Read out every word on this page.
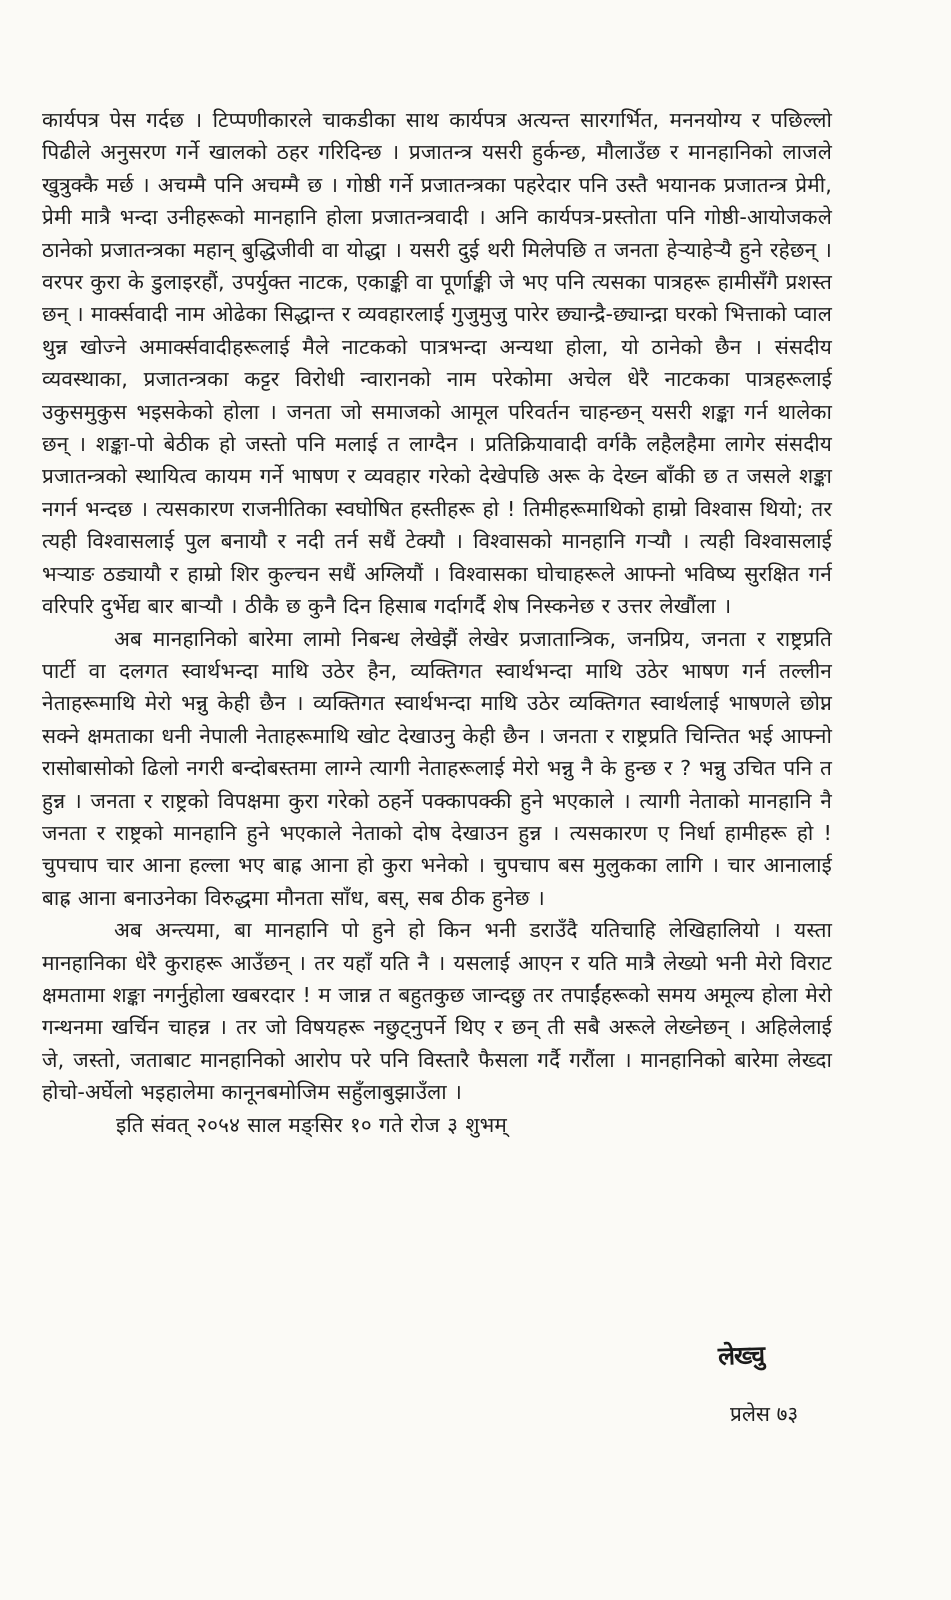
कार्यपत्र पेस गर्दछ । टिप्पणीकारले चाकडीका साथ कार्यपत्र अत्यन्त सारगर्भित, मननयोग्य र पछिल्लो पिढीले अनुसरण गर्ने खालको ठहर गरिदिन्छ । प्रजातन्त्र यसरी हुर्कन्छ, मौलाउँछ र मानहानिको लाजले खुत्रुक्कै मर्छ । अचम्मै पनि अचम्मै छ । गोष्ठी गर्ने प्रजातन्त्रका पहरेदार पनि उस्तै भयानक प्रजातन्त्र प्रेमी, प्रेमी मात्रै भन्दा उनीहरूको मानहानि होला प्रजातन्त्रवादी । अनि कार्यपत्र-प्रस्तोता पनि गोष्ठी-आयोजकले ठानेको प्रजातन्त्रका महान् बुद्धिजीवी वा योद्धा । यसरी दुई थरी मिलेपछि त जनता हेर्‍याहेर्‍यै हुने रहेछन् । वरपर कुरा के डुलाइरहौं, उपर्युक्त नाटक, एकाङ्की वा पूर्णाङ्की जे भए पनि त्यसका पात्रहरू हामीसँगै प्रशस्त छन् । मार्क्सवादी नाम ओढेका सिद्धान्त र व्यवहारलाई गुजुमुजु पारेर छ्यान्द्रै-छ्यान्द्रा घरको भित्ताको प्वाल थुन्न खोज्ने अमार्क्सवादीहरूलाई मैले नाटकको पात्रभन्दा अन्यथा होला, यो ठानेको छैन । संसदीय व्यवस्थाका, प्रजातन्त्रका कट्टर विरोधी न्वारानको नाम परेकोमा अचेल धेरै नाटकका पात्रहरूलाई उकुसमुकुस भइसकेको होला । जनता जो समाजको आमूल परिवर्तन चाहन्छन् यसरी शङ्का गर्न थालेका छन् । शङ्का-पो बेठीक हो जस्तो पनि मलाई त लाग्दैन । प्रतिक्रियावादी वर्गकै लहैलहैमा लागेर संसदीय प्रजातन्त्रको स्थायित्व कायम गर्ने भाषण र व्यवहार गरेको देखेपछि अरू के देख्न बाँकी छ त जसले शङ्का नगर्न भन्दछ । त्यसकारण राजनीतिका स्वघोषित हस्तीहरू हो ! तिमीहरूमाथिको हाम्रो विश्वास थियो; तर त्यही विश्वासलाई पुल बनायौ र नदी तर्न सधैं टेक्यौ । विश्वासको मानहानि गर्‍यौ । त्यही विश्वासलाई भऱ्याङ ठड्यायौ र हाम्रो शिर कुल्चन सधैं अग्लियौं । विश्वासका घोचाहरूले आफ्नो भविष्य सुरक्षित गर्न वरिपरि दुर्भेद्य बार बार्‍यौ । ठीकै छ कुनै दिन हिसाब गर्दागर्दै शेष निस्कनेछ र उत्तर लेखौंला ।

अब मानहानिको बारेमा लामो निबन्ध लेखेझैं लेखेर प्रजातान्त्रिक, जनप्रिय, जनता र राष्ट्रप्रति पार्टी वा दलगत स्वार्थभन्दा माथि उठेर हैन, व्यक्तिगत स्वार्थभन्दा माथि उठेर भाषण गर्न तल्लीन नेताहरूमाथि मेरो भन्नु केही छैन । व्यक्तिगत स्वार्थभन्दा माथि उठेर व्यक्तिगत स्वार्थलाई भाषणले छोप्न सक्ने क्षमताका धनी नेपाली नेताहरूमाथि खोट देखाउनु केही छैन । जनता र राष्ट्रप्रति चिन्तित भई आफ्नो रासोबासोको ढिलो नगरी बन्दोबस्तमा लाग्ने त्यागी नेताहरूलाई मेरो भन्नु नै के हुन्छ र ? भन्नु उचित पनि त हुन्न । जनता र राष्ट्रको विपक्षमा कुरा गरेको ठहर्ने पक्कापक्की हुने भएकाले । त्यागी नेताको मानहानि नै जनता र राष्ट्रको मानहानि हुने भएकाले नेताको दोष देखाउन हुन्न । त्यसकारण ए निर्धा हामीहरू हो ! चुपचाप चार आना हल्ला भए बाह्र आना हो कुरा भनेको । चुपचाप बस मुलुकका लागि । चार आनालाई बाह्र आना बनाउनेका विरुद्धमा मौनता साँध, बस्, सब ठीक हुनेछ ।

अब अन्त्यमा, बा मानहानि पो हुने हो किन भनी डराउँदै यतिचाहि लेखिहालियो । यस्ता मानहानिका धेरै कुराहरू आउँछन् । तर यहाँ यति नै । यसलाई आएन र यति मात्रै लेख्यो भनी मेरो विराट क्षमतामा शङ्का नगर्नुहोला खबरदार ! म जान्न त बहुतकुछ जान्दछु तर तपाईंहरूको समय अमूल्य होला मेरो गन्थनमा खर्चिन चाहन्न । तर जो विषयहरू नछुट्नुपर्ने थिए र छन् ती सबै अरूले लेख्नेछन् । अहिलेलाई जे, जस्तो, जताबाट मानहानिको आरोप परे पनि विस्तारै फैसला गर्दै गरौंला । मानहानिको बारेमा लेख्दा होचो-अर्घेलो भइहालेमा कानूनबमोजिम सहुँलाबुझाउँला ।

इति संवत् २०५४ साल मङ्सिर १० गते रोज ३ शुभम्

लेख्चु
प्रलेस ७३
